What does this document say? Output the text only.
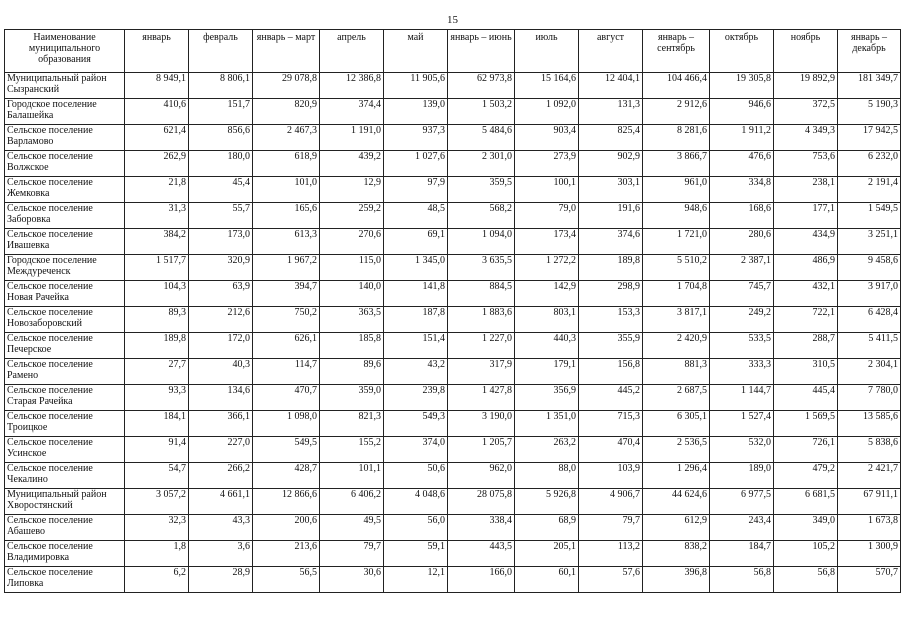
15
Наименование муниципального образования	январь	февраль	январь – март	апрель	май	январь – июнь	июль	август	январь – сентябрь	октябрь	ноябрь	январь – декабрь

Муниципальный район
Сызранский	8 949,1	8 806,1	29 078,8	12 386,8	11 905,6	62 973,8	15 164,6	12 404,1	104 466,4	19 305,8	19 892,9	181 349,7

Городское поселение
Балашейка	410,6	151,7	820,9	374,4	139,0	1 503,2	1 092,0	131,3	2 912,6	946,6	372,5	5 190,3

Сельское поселение
Варламово	621,4	856,6	2 467,3	1 191,0	937,3	5 484,6	903,4	825,4	8 281,6	1 911,2	4 349,3	17 942,5

Сельское поселение
Волжское	262,9	180,0	618,9	439,2	1 027,6	2 301,0	273,9	902,9	3 866,7	476,6	753,6	6 232,0

Сельское поселение
Жемковка	21,8	45,4	101,0	12,9	97,9	359,5	100,1	303,1	961,0	334,8	238,1	2 191,4

Сельское поселение
Заборовка	31,3	55,7	165,6	259,2	48,5	568,2	79,0	191,6	948,6	168,6	177,1	1 549,5

Сельское поселение
Ивашевка	384,2	173,0	613,3	270,6	69,1	1 094,0	173,4	374,6	1 721,0	280,6	434,9	3 251,1

Городское поселение
Междуреченск	1 517,7	320,9	1 967,2	115,0	1 345,0	3 635,5	1 272,2	189,8	5 510,2	2 387,1	486,9	9 458,6

Сельское поселение
Новая Рачейка	104,3	63,9	394,7	140,0	141,8	884,5	142,9	298,9	1 704,8	745,7	432,1	3 917,0

Сельское поселение
Новозаборовский	89,3	212,6	750,2	363,5	187,8	1 883,6	803,1	153,3	3 817,1	249,2	722,1	6 428,4

Сельское поселение
Печерское	189,8	172,0	626,1	185,8	151,4	1 227,0	440,3	355,9	2 420,9	533,5	288,7	5 411,5

Сельское поселение
Рамено	27,7	40,3	114,7	89,6	43,2	317,9	179,1	156,8	881,3	333,3	310,5	2 304,1

Сельское поселение
Старая Рачейка	93,3	134,6	470,7	359,0	239,8	1 427,8	356,9	445,2	2 687,5	1 144,7	445,4	7 780,0

Сельское поселение
Троицкое	184,1	366,1	1 098,0	821,3	549,3	3 190,0	1 351,0	715,3	6 305,1	1 527,4	1 569,5	13 585,6

Сельское поселение
Усинское	91,4	227,0	549,5	155,2	374,0	1 205,7	263,2	470,4	2 536,5	532,0	726,1	5 838,6

Сельское поселение
Чекалино	54,7	266,2	428,7	101,1	50,6	962,0	88,0	103,9	1 296,4	189,0	479,2	2 421,7

Муниципальный район
Хворостянский	3 057,2	4 661,1	12 866,6	6 406,2	4 048,6	28 075,8	5 926,8	4 906,7	44 624,6	6 977,5	6 681,5	67 911,1

Сельское поселение
Абашево	32,3	43,3	200,6	49,5	56,0	338,4	68,9	79,7	612,9	243,4	349,0	1 673,8

Сельское поселение
Владимировка	1,8	3,6	213,6	79,7	59,1	443,5	205,1	113,2	838,2	184,7	105,2	1 300,9

Сельское поселение
Липовка	6,2	28,9	56,5	30,6	12,1	166,0	60,1	57,6	396,8	56,8	56,8	570,7
